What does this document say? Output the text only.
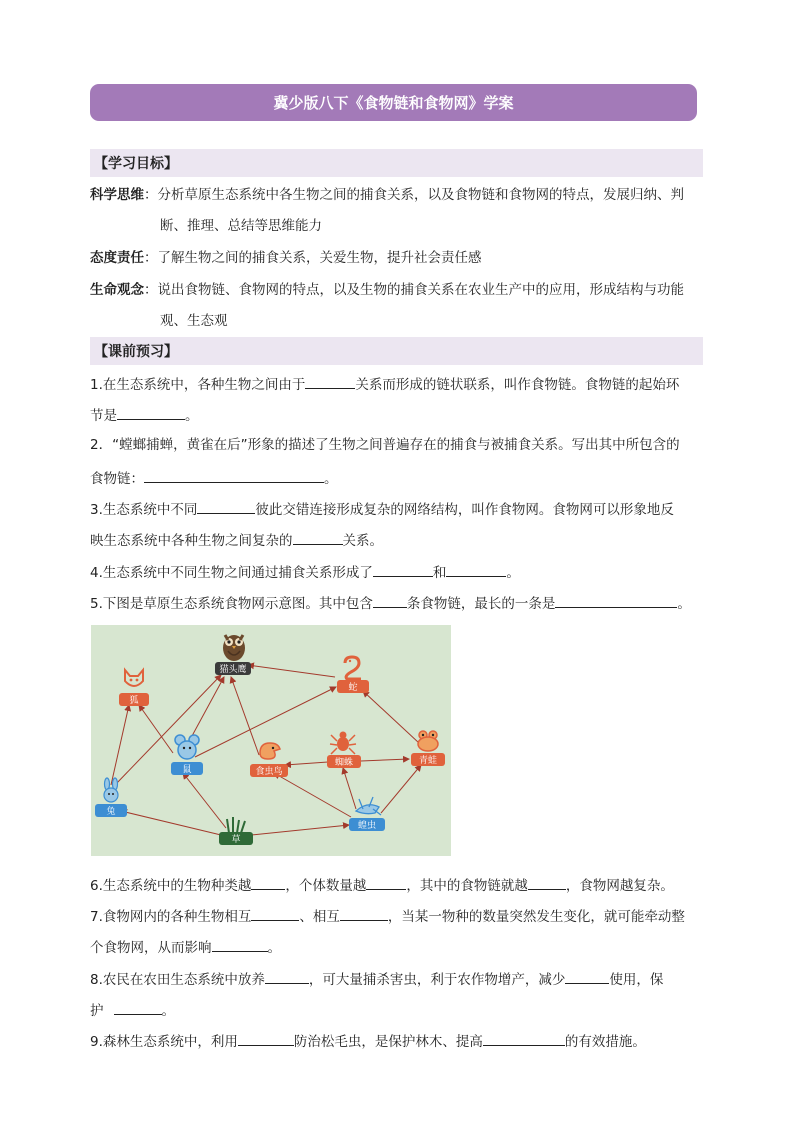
冀少版八下《食物链和食物网》学案
【学习目标】
科学思维：分析草原生态系统中各生物之间的捕食关系，以及食物链和食物网的特点，发展归纳、判
断、推理、总结等思维能力
态度责任：了解生物之间的捕食关系，关爱生物，提升社会责任感
生命观念：说出食物链、食物网的特点，以及生物的捕食关系在农业生产中的应用，形成结构与功能
观、生态观
【课前预习】
1.在生态系统中，各种生物之间由于	关系而形成的链状联系，叫作食物链。食物链的起始环
节是	。
2．“螳螂捕蝉，黄雀在后”形象的描述了生物之间普遍存在的捕食与被捕食关系。写出其中所包含的
食物链：	。
3.生态系统中不同	彼此交错连接形成复杂的网络结构，叫作食物网。食物网可以形象地反
映生态系统中各种生物之间复杂的	关系。
4.生态系统中不同生物之间通过捕食关系形成了	和	。
5.下图是草原生态系统食物网示意图。其中包含	条食物链，最长的一条是	。
猫头鹰
狐
蛇
鼠	食虫鸟
蜘蛛	青蛙
兔
草
蝗虫
6.生态系统中的生物种类越	，个体数量越	，其中的食物链就越	，食物网越复杂。
7.食物网内的各种生物相互	、相互	，当某一物种的数量突然发生变化，就可能牵动整
个食物网，从而影响	。
8.农民在农田生态系统中放养	，可大量捕杀害虫，利于农作物增产，减少	使用，保
护	。
9.森林生态系统中，利用	防治松毛虫，是保护林木、提高	的有效措施。
